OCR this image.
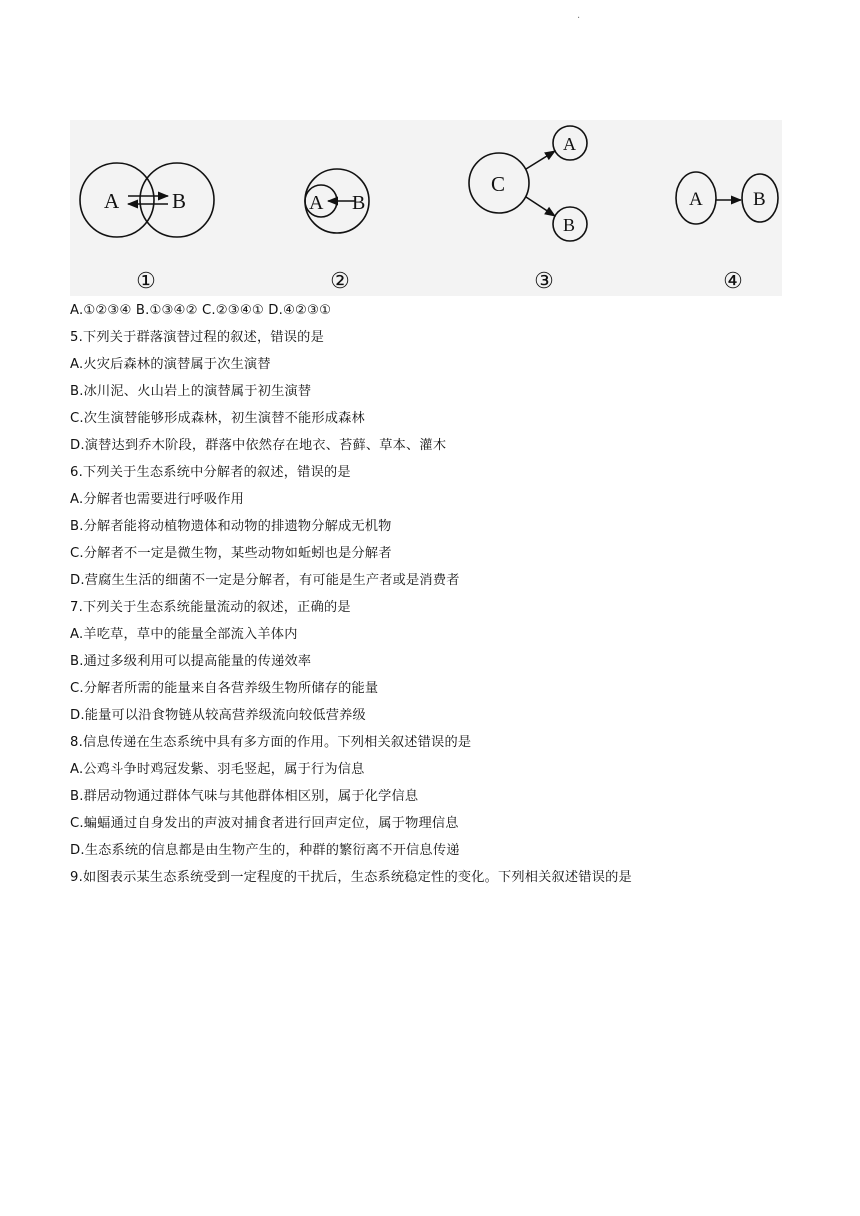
.
A	B
①
A B
②
C
A
B
③
A	B
④
A.①②③④ B.①③④② C.②③④① D.④②③①
5.下列关于群落演替过程的叙述，错误的是
A.火灾后森林的演替属于次生演替
B.冰川泥、火山岩上的演替属于初生演替
C.次生演替能够形成森林，初生演替不能形成森林
D.演替达到乔木阶段，群落中依然存在地衣、苔藓、草本、灌木
6.下列关于生态系统中分解者的叙述，错误的是
A.分解者也需要进行呼吸作用
B.分解者能将动植物遗体和动物的排遗物分解成无机物
C.分解者不一定是微生物，某些动物如蚯蚓也是分解者
D.营腐生生活的细菌不一定是分解者，有可能是生产者或是消费者
7.下列关于生态系统能量流动的叙述，正确的是
A.羊吃草，草中的能量全部流入羊体内
B.通过多级利用可以提高能量的传递效率
C.分解者所需的能量来自各营养级生物所储存的能量
D.能量可以沿食物链从较高营养级流向较低营养级
8.信息传递在生态系统中具有多方面的作用。下列相关叙述错误的是
A.公鸡斗争时鸡冠发紫、羽毛竖起，属于行为信息
B.群居动物通过群体气味与其他群体相区别，属于化学信息
C.蝙蝠通过自身发出的声波对捕食者进行回声定位，属于物理信息
D.生态系统的信息都是由生物产生的，种群的繁衍离不开信息传递
9.如图表示某生态系统受到一定程度的干扰后，生态系统稳定性的变化。下列相关叙述错误的是
